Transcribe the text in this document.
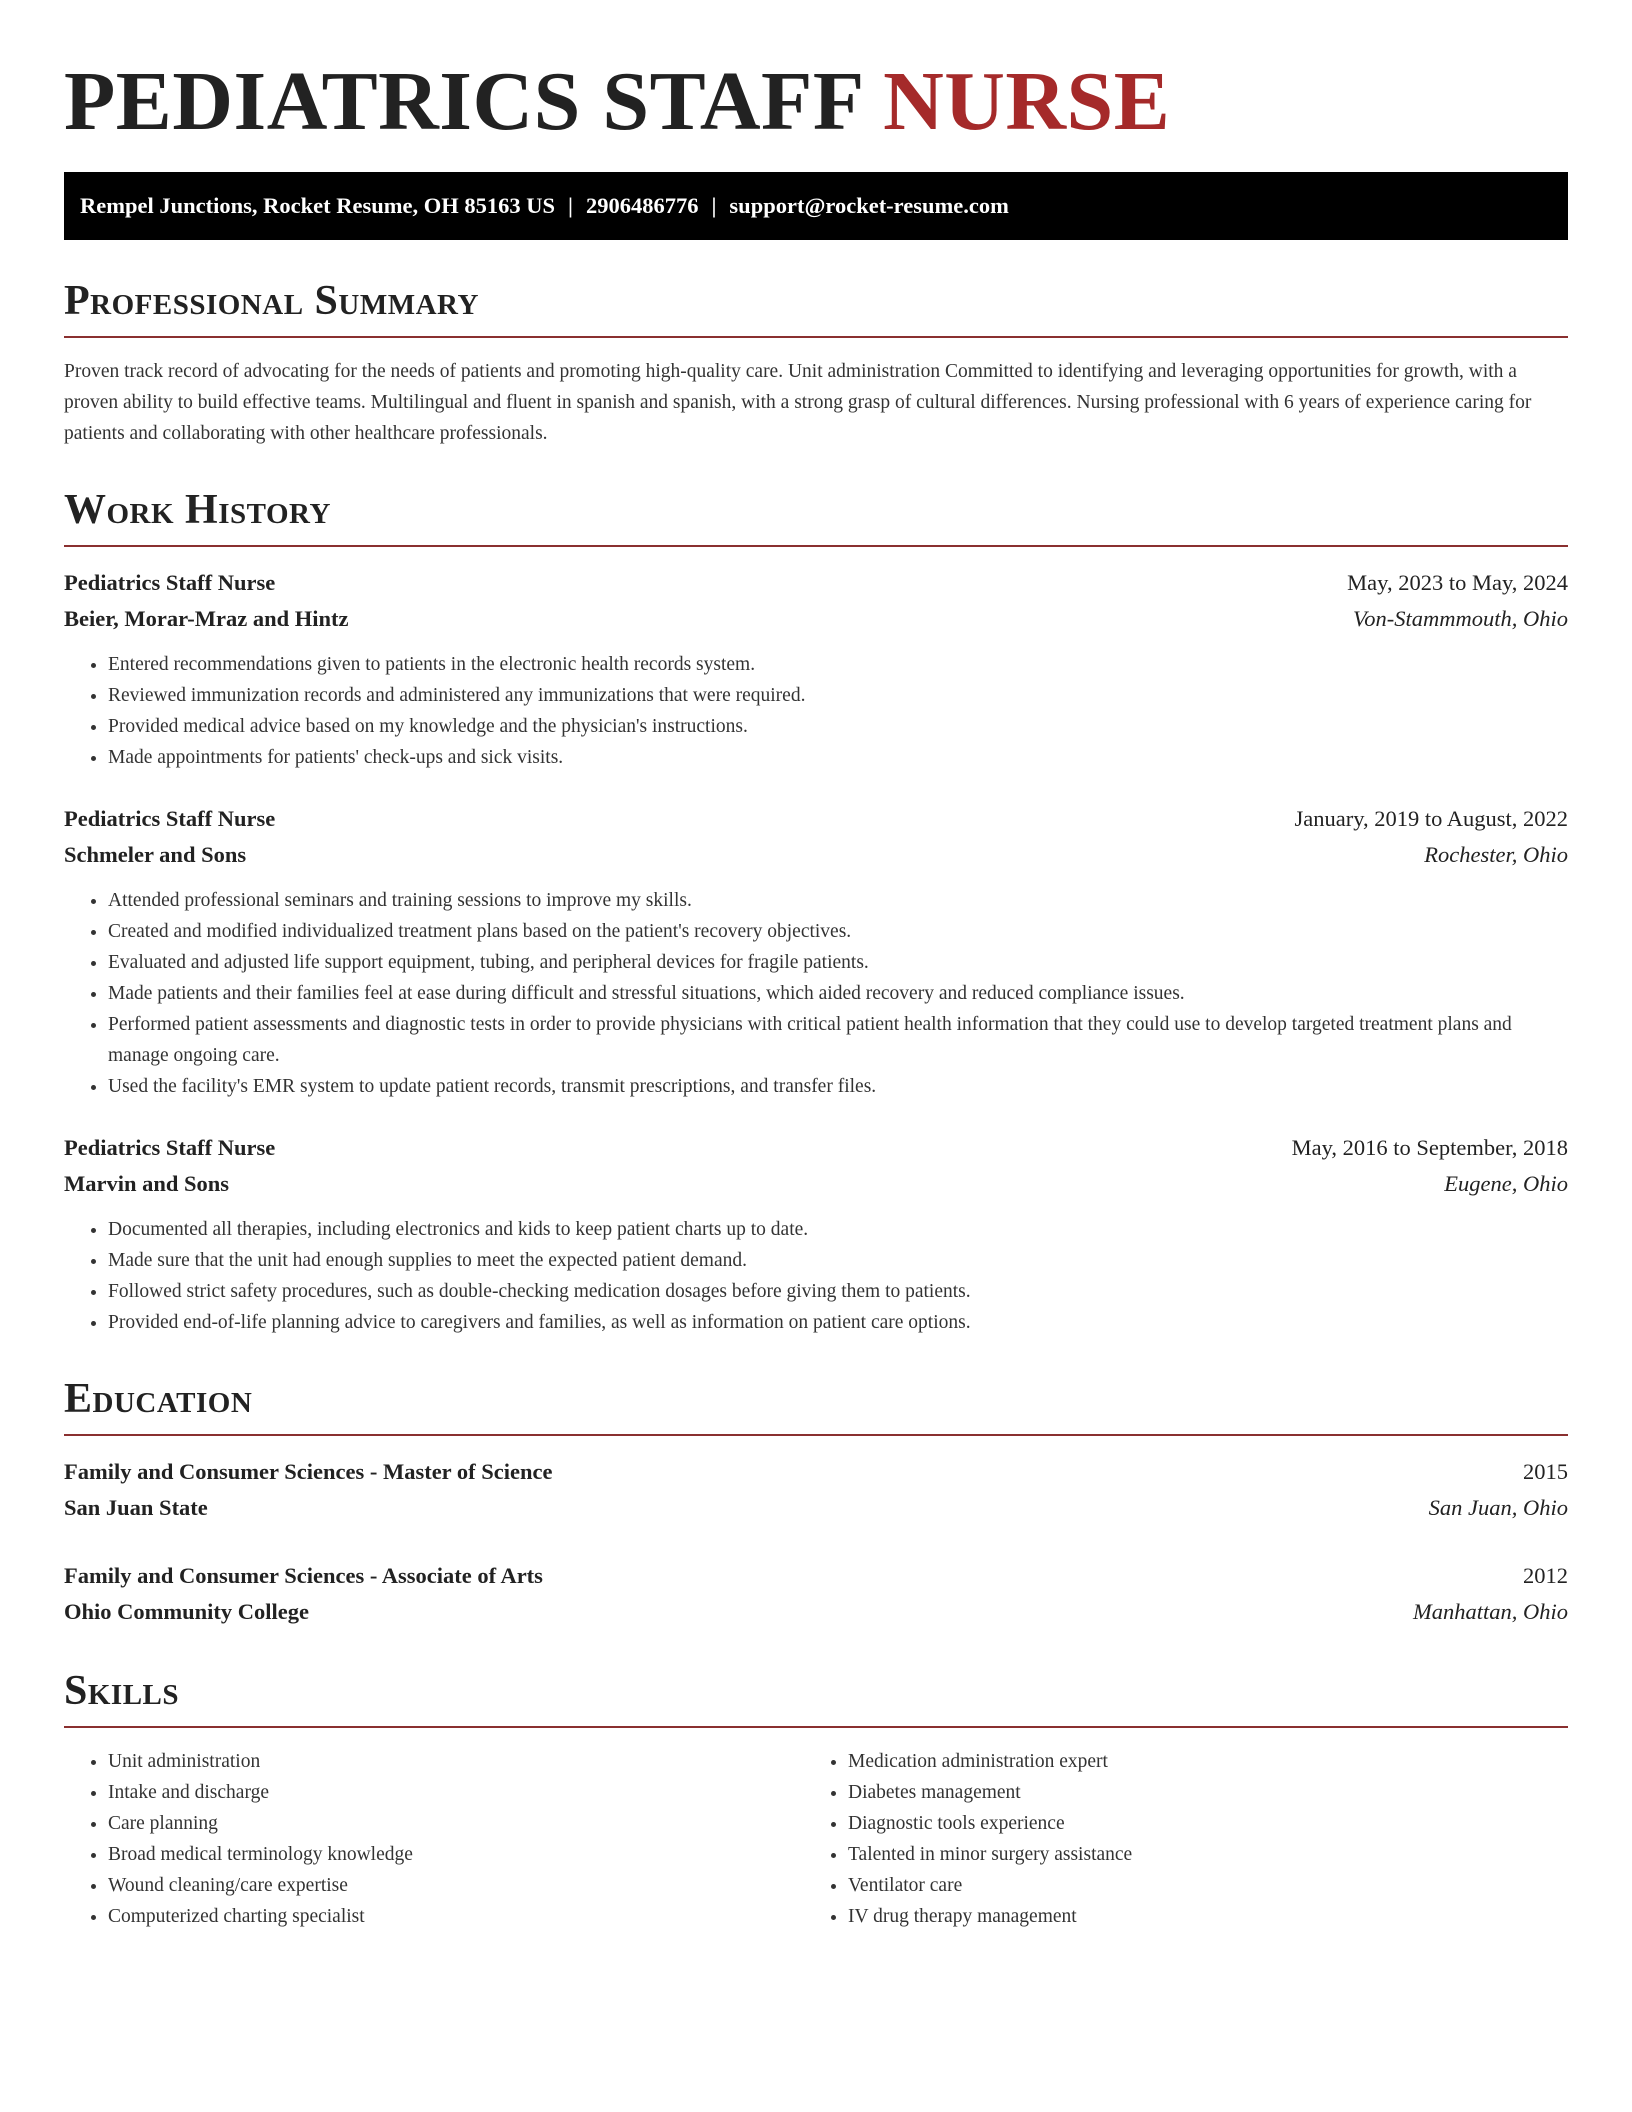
PEDIATRICS STAFF NURSE
Rempel Junctions, Rocket Resume, OH 85163 US | 2906486776 | support@rocket-resume.com
Professional Summary

Proven track record of advocating for the needs of patients and promoting high-quality care. Unit administration Committed to identifying and leveraging opportunities for growth, with a proven ability to build effective teams. Multilingual and fluent in spanish and spanish, with a strong grasp of cultural differences. Nursing professional with 6 years of experience caring for patients and collaborating with other healthcare professionals.

Work History
Pediatrics Staff Nurse	May, 2023 to May, 2024
Beier, Morar-Mraz and Hintz	Von-Stammmouth, Ohio
• Entered recommendations given to patients in the electronic health records system.
• Reviewed immunization records and administered any immunizations that were required.
• Provided medical advice based on my knowledge and the physician's instructions.
• Made appointments for patients' check-ups and sick visits.
Pediatrics Staff Nurse	January, 2019 to August, 2022
Schmeler and Sons	Rochester, Ohio
• Attended professional seminars and training sessions to improve my skills.
• Created and modified individualized treatment plans based on the patient's recovery objectives.
• Evaluated and adjusted life support equipment, tubing, and peripheral devices for fragile patients.
• Made patients and their families feel at ease during difficult and stressful situations, which aided recovery and reduced compliance issues.
• Performed patient assessments and diagnostic tests in order to provide physicians with critical patient health information that they could use to develop targeted treatment plans and manage ongoing care.
• Used the facility's EMR system to update patient records, transmit prescriptions, and transfer files.
Pediatrics Staff Nurse	May, 2016 to September, 2018
Marvin and Sons	Eugene, Ohio
• Documented all therapies, including electronics and kids to keep patient charts up to date.
• Made sure that the unit had enough supplies to meet the expected patient demand.
• Followed strict safety procedures, such as double-checking medication dosages before giving them to patients.
• Provided end-of-life planning advice to caregivers and families, as well as information on patient care options.
Education
Family and Consumer Sciences - Master of Science	2015
San Juan State	San Juan, Ohio
Family and Consumer Sciences - Associate of Arts	2012
Ohio Community College	Manhattan, Ohio
Skills
• Unit administration
• Intake and discharge
• Care planning
• Broad medical terminology knowledge
• Wound cleaning/care expertise
• Computerized charting specialist
• Medication administration expert
• Diabetes management
• Diagnostic tools experience
• Talented in minor surgery assistance
• Ventilator care
• IV drug therapy management
